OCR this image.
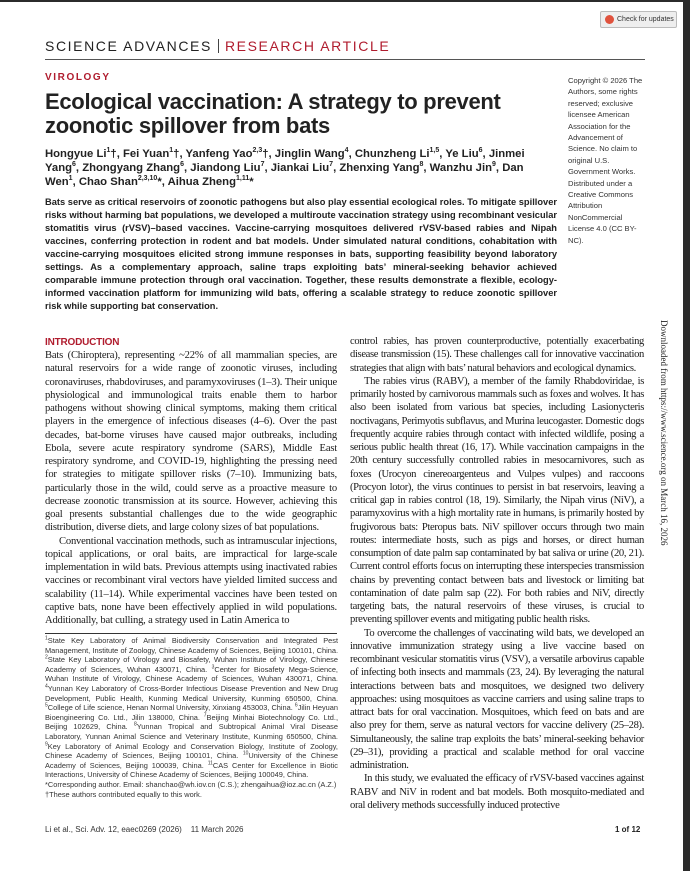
Check for updates
SCIENCE ADVANCES RESEARCH ARTICLE
VIROLOGY
Ecological vaccination: A strategy to prevent zoonotic spillover from bats
Hongyue Li$^1$†, Fei Yuan$^1$†, Yanfeng Yao$^{2,3}$†, Jinglin Wang$^4$, Chunzheng Li$^{1,5}$, Ye Liu$^6$, Jinmei Yang$^6$, Zhongyang Zhang$^6$, Jiandong Liu$^7$, Jiankai Liu$^7$, Zhenxing Yang$^8$, Wanzhu Jin$^9$, Dan Wen$^1$, Chao Shan$^{2,3,10}$*, Aihua Zheng$^{1,11}$*
Copyright © 2026 The Authors, some rights reserved; exclusive licensee American Association for the Advancement of Science. No claim to original U.S. Government Works. Distributed under a Creative Commons Attribution NonCommercial License 4.0 (CC BY-NC).
Bats serve as critical reservoirs of zoonotic pathogens but also play essential ecological roles. To mitigate spillover risks without harming bat populations, we developed a multiroute vaccination strategy using recombinant vesicular stomatitis virus (rVSV)–based vaccines. Vaccine-carrying mosquitoes delivered rVSV-based rabies and Nipah vaccines, conferring protection in rodent and bat models. Under simulated natural conditions, cohabitation with vaccine-carrying mosquitoes elicited strong immune responses in bats, supporting feasibility beyond laboratory settings. As a complementary approach, saline traps exploiting bats’ mineral-seeking behavior achieved comparable immune protection through oral vaccination. Together, these results demonstrate a flexible, ecology-informed vaccination platform for immunizing wild bats, offering a scalable strategy to reduce zoonotic spillover risk while supporting bat conservation.
INTRODUCTION

Bats (Chiroptera), representing ~22% of all mammalian species, are natural reservoirs for a wide range of zoonotic viruses, including coronaviruses, rhabdoviruses, and paramyxoviruses (1–3). Their unique physiological and immunological traits enable them to harbor pathogens without showing clinical symptoms, making them critical players in the emergence of infectious diseases (4–6). Over the past decades, bat-borne viruses have caused major outbreaks, including Ebola, severe acute respiratory syndrome (SARS), Middle East respiratory syndrome, and COVID-19, highlighting the pressing need for strategies to mitigate spillover risks (7–10). Immunizing bats, particularly those in the wild, could serve as a proactive measure to decrease zoonotic transmission at its source. However, achieving this goal presents substantial challenges due to the wide geographic distribution, diverse diets, and large colony sizes of bat populations.

Conventional vaccination methods, such as intramuscular injections, topical applications, or oral baits, are impractical for large-scale implementation in wild bats. Previous attempts using inactivated rabies vaccines or recombinant viral vectors have yielded limited success and scalability (11–14). While experimental vaccines have been tested on captive bats, none have been effectively applied in wild populations. Additionally, bat culling, a strategy used in Latin America to

control rabies, has proven counterproductive, potentially exacerbating disease transmission (15). These challenges call for innovative vaccination strategies that align with bats’ natural behaviors and ecological dynamics.

The rabies virus (RABV), a member of the family Rhabdoviridae, is primarily hosted by carnivorous mammals such as foxes and wolves. It has also been isolated from various bat species, including Lasionycteris noctivagans, Perimyotis subflavus, and Murina leucogaster. Domestic dogs frequently acquire rabies through contact with infected wildlife, posing a serious public health threat (16, 17). While vaccination campaigns in the 20th century successfully controlled rabies in mesocarnivores, such as foxes (Urocyon cinereoargenteus and Vulpes vulpes) and raccoons (Procyon lotor), the virus continues to persist in bat reservoirs, leaving a critical gap in rabies control (18, 19). Similarly, the Nipah virus (NiV), a paramyxovirus with a high mortality rate in humans, is primarily hosted by frugivorous bats: Pteropus bats. NiV spillover occurs through two main routes: intermediate hosts, such as pigs and horses, or direct human consumption of date palm sap contaminated by bat saliva or urine (20, 21). Current control efforts focus on interrupting these interspecies transmission chains by preventing contact between bats and livestock or limiting bat contamination of date palm sap (22). For both rabies and NiV, directly targeting bats, the natural reservoirs of these viruses, is crucial to preventing spillover events and mitigating public health risks.

To overcome the challenges of vaccinating wild bats, we developed an innovative immunization strategy using a live vaccine based on recombinant vesicular stomatitis virus (VSV), a versatile arbovirus capable of infecting both insects and mammals (23, 24). By leveraging the natural interactions between bats and mosquitoes, we designed two delivery approaches: using mosquitoes as vaccine carriers and using saline traps to attract bats for oral vaccination. Mosquitoes, which feed on bats and are also prey for them, serve as natural vectors for vaccine delivery (25–28). Simultaneously, the saline trap exploits the bats’ mineral-seeking behavior (29–31), providing a practical and scalable method for oral vaccine administration.

In this study, we evaluated the efficacy of rVSV-based vaccines against RABV and NiV in rodent and bat models. Both mosquito-mediated and oral delivery methods successfully induced protective

$^1$State Key Laboratory of Animal Biodiversity Conservation and Integrated Pest Management, Institute of Zoology, Chinese Academy of Sciences, Beijing 100101, China. $^2$State Key Laboratory of Virology and Biosafety, Wuhan Institute of Virology, Chinese Academy of Sciences, Wuhan 430071, China. $^3$Center for Biosafety Mega-Science, Wuhan Institute of Virology, Chinese Academy of Sciences, Wuhan 430071, China. $^4$Yunnan Key Laboratory of Cross-Border Infectious Disease Prevention and New Drug Development, Public Health, Kunming Medical University, Kunming 650500, China. $^5$College of Life science, Henan Normal University, Xinxiang 453003, China. $^6$Jilin Heyuan Bioengineering Co. Ltd., Jilin 138000, China. $^7$Beijing Minhai Biotechnology Co. Ltd., Beijing 102629, China. $^8$Yunnan Tropical and Subtropical Animal Viral Disease Laboratory, Yunnan Animal Science and Veterinary Institute, Kunming 650500, China. $^9$Key Laboratory of Animal Ecology and Conservation Biology, Institute of Zoology, Chinese Academy of Sciences, Beijing 100101, China. $^{10}$University of the Chinese Academy of Sciences, Beijing 100039, China. $^{11}$CAS Center for Excellence in Biotic Interactions, University of Chinese Academy of Sciences, Beijing 100049, China.
*Corresponding author. Email: shanchao@wh.iov.cn (C.S.); zhengaihua@ioz.ac.cn (A.Z.)
†These authors contributed equally to this work.
Li et al., Sci. Adv. 12, eaec0269 (2026) 11 March 2026	1 of 12
Downloaded from https://www.science.org on March 16, 2026
